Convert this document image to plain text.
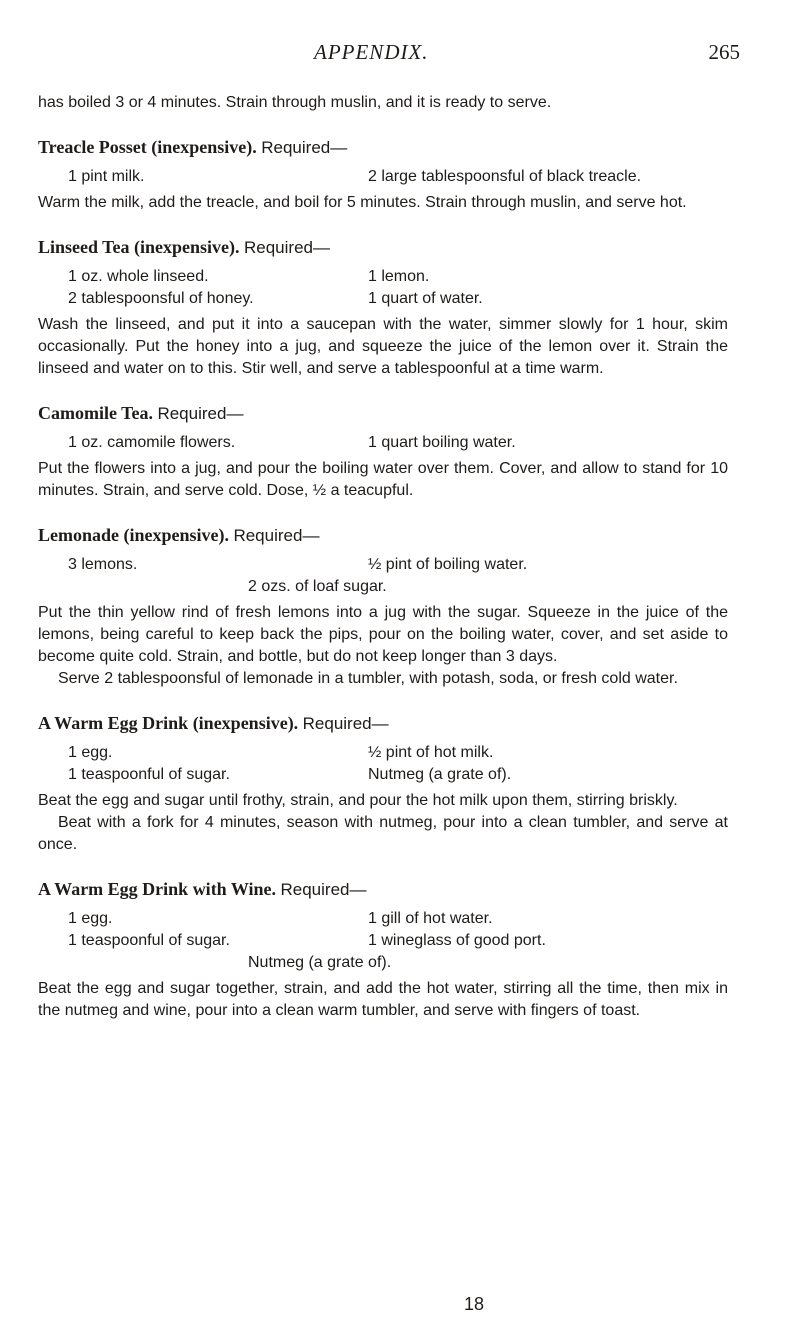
APPENDIX.	265

has boiled 3 or 4 minutes. Strain through muslin, and it is ready to serve.

Treacle Posset (inexpensive). Required—

1 pint milk.	2 large tablespoonsful of black treacle.

Warm the milk, add the treacle, and boil for 5 minutes. Strain through muslin, and serve hot.

Linseed Tea (inexpensive). Required—

1 oz. whole linseed.	1 lemon.
2 tablespoonsful of honey.	1 quart of water.

Wash the linseed, and put it into a saucepan with the water, simmer slowly for 1 hour, skim occasionally. Put the honey into a jug, and squeeze the juice of the lemon over it. Strain the linseed and water on to this. Stir well, and serve a tablespoonful at a time warm.

Camomile Tea. Required—

1 oz. camomile flowers.	1 quart boiling water.

Put the flowers into a jug, and pour the boiling water over them. Cover, and allow to stand for 10 minutes. Strain, and serve cold. Dose, ½ a teacupful.

Lemonade (inexpensive). Required—

3 lemons.	½ pint of boiling water.
2 ozs. of loaf sugar.

Put the thin yellow rind of fresh lemons into a jug with the sugar. Squeeze in the juice of the lemons, being careful to keep back the pips, pour on the boiling water, cover, and set aside to become quite cold. Strain, and bottle, but do not keep longer than 3 days.

Serve 2 tablespoonsful of lemonade in a tumbler, with potash, soda, or fresh cold water.

A Warm Egg Drink (inexpensive). Required—

1 egg.	½ pint of hot milk.
1 teaspoonful of sugar.	Nutmeg (a grate of).

Beat the egg and sugar until frothy, strain, and pour the hot milk upon them, stirring briskly.

Beat with a fork for 4 minutes, season with nutmeg, pour into a clean tumbler, and serve at once.

A Warm Egg Drink with Wine. Required—

1 egg.	1 gill of hot water.
1 teaspoonful of sugar.	1 wineglass of good port.
Nutmeg (a grate of).

Beat the egg and sugar together, strain, and add the hot water, stirring all the time, then mix in the nutmeg and wine, pour into a clean warm tumbler, and serve with fingers of toast.

18
